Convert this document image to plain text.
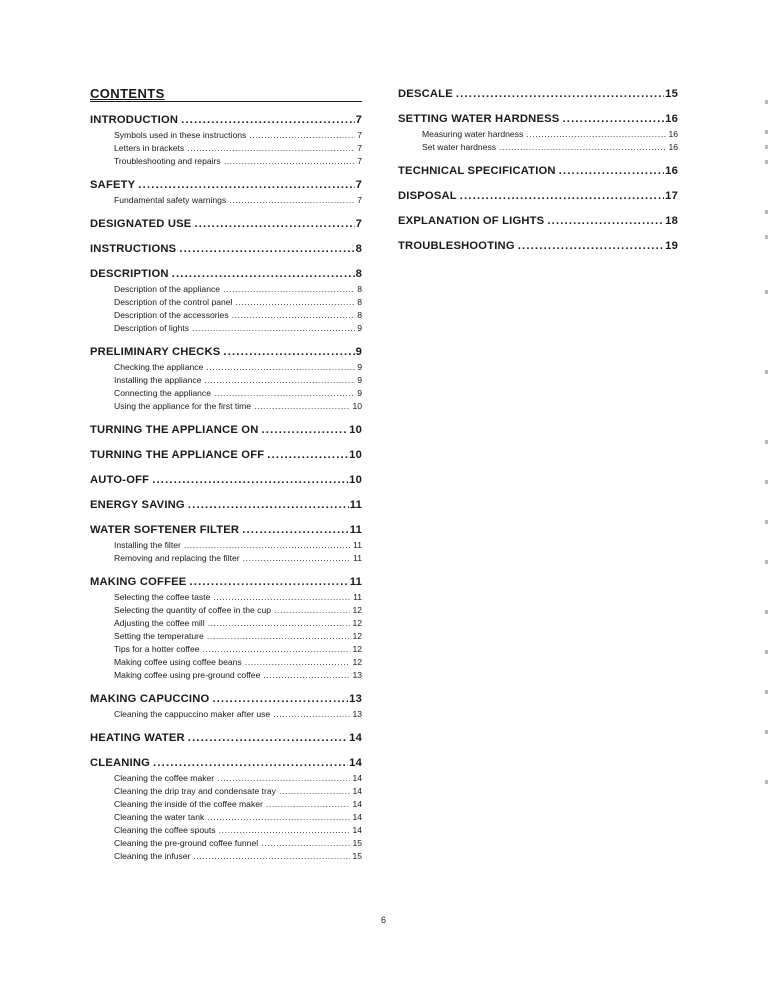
CONTENTS
INTRODUCTION .....	7
Symbols used in these instructions .....	7
Letters in brackets .....	7
Troubleshooting and repairs .....	7
SAFETY .....	7
Fundamental safety warnings .....	7
DESIGNATED USE .....	7
INSTRUCTIONS .....	8
DESCRIPTION .....	8
Description of the appliance .....	8
Description of the control panel .....	8
Description of the accessories .....	8
Description of lights .....	9
PRELIMINARY CHECKS .....	9
Checking the appliance .....	9
Installing the appliance .....	9
Connecting the appliance .....	9
Using the appliance for the first time .....	10
TURNING THE APPLIANCE ON .....	10
TURNING THE APPLIANCE OFF .....	10
AUTO-OFF .....	10
ENERGY SAVING .....	11
WATER SOFTENER FILTER .....	11
Installing the filter .....	11
Removing and replacing the filter .....	11
MAKING COFFEE .....	11
Selecting the coffee taste .....	11
Selecting the quantity of coffee in the cup .....	12
Adjusting the coffee mill .....	12
Setting the temperature .....	12
Tips for a hotter coffee .....	12
Making coffee using coffee beans .....	12
Making coffee using pre-ground coffee .....	13
MAKING CAPUCCINO .....	13
Cleaning the cappuccino maker after use .....	13
HEATING WATER .....	14
CLEANING .....	14
Cleaning the coffee maker .....	14
Cleaning the drip tray and condensate tray .....	14
Cleaning the inside of the coffee maker .....	14
Cleaning the water tank .....	14
Cleaning the coffee spouts .....	14
Cleaning the pre-ground coffee funnel .....	15
Cleaning the infuser .....	15
DESCALE .....	15
SETTING WATER HARDNESS .....	16
Measuring water hardness .....	16
Set water hardness .....	16
TECHNICAL SPECIFICATION .....	16
DISPOSAL .....	17
EXPLANATION OF LIGHTS .....	18
TROUBLESHOOTING .....	19
6
